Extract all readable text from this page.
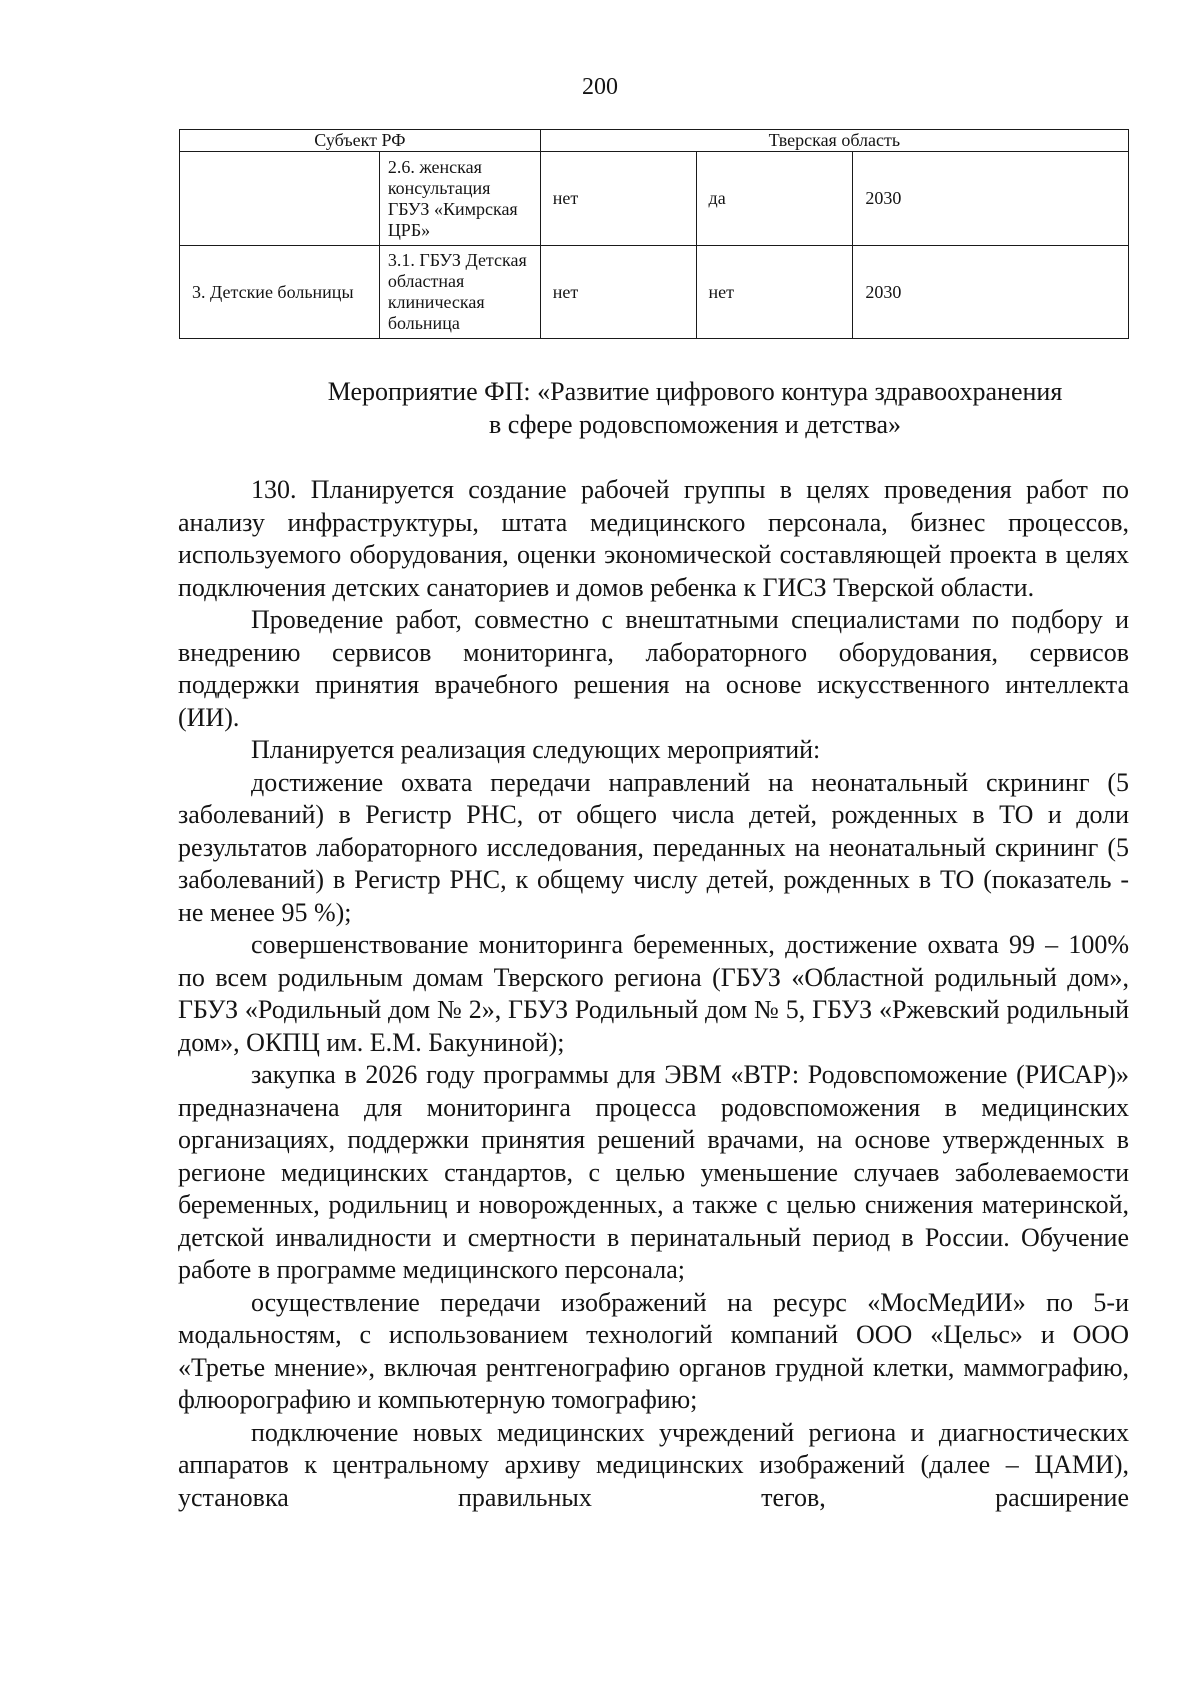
200
Субъект РФ		Тверская область		
	2.6. женская консультация ГБУЗ «Кимрская ЦРБ»	нет	да	2030
3. Детские больницы	3.1. ГБУЗ Детская областная клиническая больница	нет	нет	2030
Мероприятие ФП: «Развитие цифрового контура здравоохранения
в сфере родовспоможения и детства»

130. Планируется создание рабочей группы в целях проведения работ по анализу инфраструктуры, штата медицинского персонала, бизнес процессов, используемого оборудования, оценки экономической составляющей проекта в целях подключения детских санаториев и домов ребенка к ГИСЗ Тверской области.

Проведение работ, совместно с внештатными специалистами по подбору и внедрению сервисов мониторинга, лабораторного оборудования, сервисов поддержки принятия врачебного решения на основе искусственного интеллекта (ИИ).

Планируется реализация следующих мероприятий:

достижение охвата передачи направлений на неонатальный скрининг (5 заболеваний) в Регистр РНС, от общего числа детей, рожденных в ТО и доли результатов лабораторного исследования, переданных на неонатальный скрининг (5 заболеваний) в Регистр РНС, к общему числу детей, рожденных в ТО (показатель - не менее 95 %);

совершенствование мониторинга беременных, достижение охвата 99 – 100% по всем родильным домам Тверского региона (ГБУЗ «Областной родильный дом», ГБУЗ «Родильный дом № 2», ГБУЗ Родильный дом № 5, ГБУЗ «Ржевский родильный дом», ОКПЦ им. Е.М. Бакуниной);

закупка в 2026 году программы для ЭВМ «ВТР: Родовспоможение (РИСАР)» предназначена для мониторинга процесса родовспоможения в медицинских организациях, поддержки принятия решений врачами, на основе утвержденных в регионе медицинских стандартов, с целью уменьшение случаев заболеваемости беременных, родильниц и новорожденных, а также с целью снижения материнской, детской инвалидности и смертности в перинатальный период в России. Обучение работе в программе медицинского персонала;

осуществление передачи изображений на ресурс «МосМедИИ» по 5-и модальностям, с использованием технологий компаний ООО «Цельс» и ООО «Третье мнение», включая рентгенографию органов грудной клетки, маммографию, флюорографию и компьютерную томографию;

подключение новых медицинских учреждений региона и диагностических аппаратов к центральному архиву медицинских изображений (далее – ЦАМИ), установка правильных тегов, расширение
